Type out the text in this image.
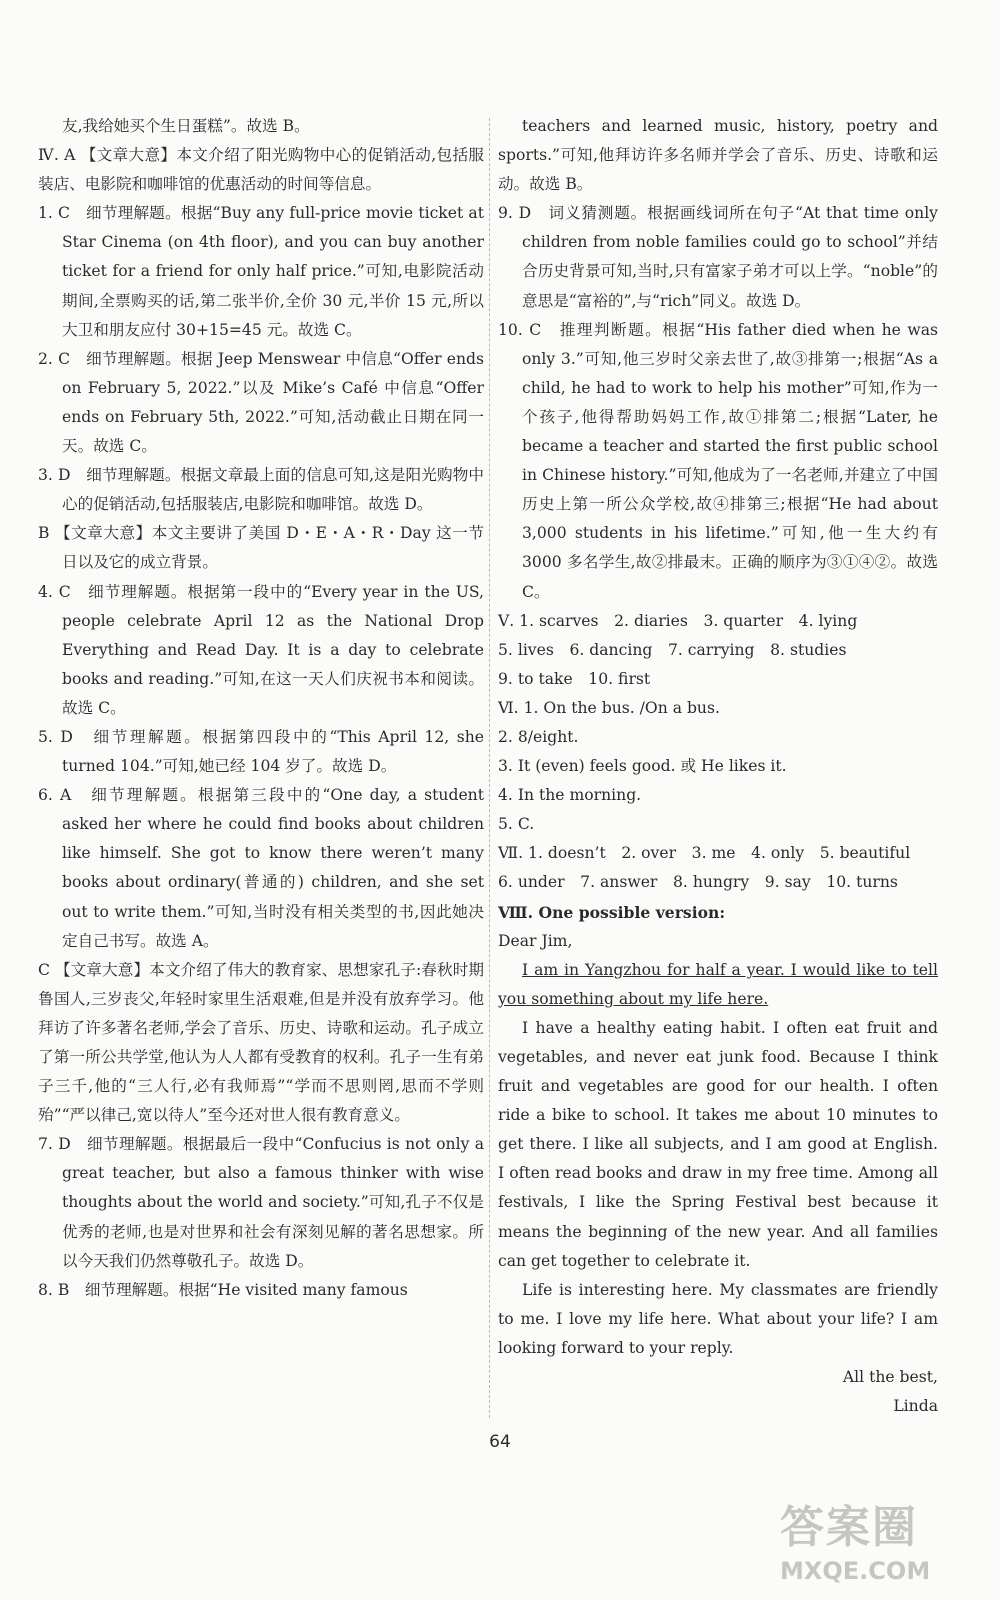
友,我给她买个生日蛋糕”。故选 B。
Ⅳ. A 【文章大意】本文介绍了阳光购物中心的促销活动,包括服装店、电影院和咖啡馆的优惠活动的时间等信息。
1. C　细节理解题。根据“Buy any full-price movie ticket at Star Cinema (on 4th floor), and you can buy another ticket for a friend for only half price.”可知,电影院活动期间,全票购买的话,第二张半价,全价 30 元,半价 15 元,所以大卫和朋友应付 30+15=45 元。故选 C。
2. C　细节理解题。根据 Jeep Menswear 中信息“Offer ends on February 5, 2022.”以及 Mike’s Café 中信息“Offer ends on February 5th, 2022.”可知,活动截止日期在同一天。故选 C。
3. D　细节理解题。根据文章最上面的信息可知,这是阳光购物中心的促销活动,包括服装店,电影院和咖啡馆。故选 D。
B 【文章大意】本文主要讲了美国 D・E・A・R・Day 这一节日以及它的成立背景。
4. C　细节理解题。根据第一段中的“Every year in the US, people celebrate April 12 as the National Drop Everything and Read Day. It is a day to celebrate books and reading.”可知,在这一天人们庆祝书本和阅读。故选 C。
5. D　细节理解题。根据第四段中的“This April 12, she turned 104.”可知,她已经 104 岁了。故选 D。
6. A　细节理解题。根据第三段中的“One day, a student asked her where he could find books about children like himself. She got to know there weren’t many books about ordinary(普通的) children, and she set out to write them.”可知,当时没有相关类型的书,因此她决定自己书写。故选 A。
C 【文章大意】本文介绍了伟大的教育家、思想家孔子:春秋时期鲁国人,三岁丧父,年轻时家里生活艰难,但是并没有放弃学习。他拜访了许多著名老师,学会了音乐、历史、诗歌和运动。孔子成立了第一所公共学堂,他认为人人都有受教育的权利。孔子一生有弟子三千,他的“三人行,必有我师焉”“学而不思则罔,思而不学则殆”“严以律己,宽以待人”至今还对世人很有教育意义。
7. D　细节理解题。根据最后一段中“Confucius is not only a great teacher, but also a famous thinker with wise thoughts about the world and society.”可知,孔子不仅是优秀的老师,也是对世界和社会有深刻见解的著名思想家。所以今天我们仍然尊敬孔子。故选 D。
8. B　细节理解题。根据“He visited many famous
teachers and learned music, history, poetry and sports.”可知,他拜访许多名师并学会了音乐、历史、诗歌和运动。故选 B。
9. D　词义猜测题。根据画线词所在句子“At that time only children from noble families could go to school”并结合历史背景可知,当时,只有富家子弟才可以上学。“noble”的意思是“富裕的”,与“rich”同义。故选 D。
10. C　推理判断题。根据“His father died when he was only 3.”可知,他三岁时父亲去世了,故③排第一;根据“As a child, he had to work to help his mother”可知,作为一个孩子,他得帮助妈妈工作,故①排第二;根据“Later, he became a teacher and started the first public school in Chinese history.”可知,他成为了一名老师,并建立了中国历史上第一所公众学校,故④排第三;根据“He had about 3,000 students in his lifetime.”可知,他一生大约有 3000 多名学生,故②排最末。正确的顺序为③①④②。故选 C。
Ⅴ. 1. scarves　2. diaries　3. quarter　4. lying
5. lives　6. dancing　7. carrying　8. studies
9. to take　10. first
Ⅵ. 1. On the bus. /On a bus.
2. 8/eight.
3. It (even) feels good. 或 He likes it.
4. In the morning.
5. C.
Ⅶ. 1. doesn’t　2. over　3. me　4. only　5. beautiful
6. under　7. answer　8. hungry　9. say　10. turns
Ⅷ. One possible version:
Dear Jim,
I am in Yangzhou for half a year. I would like to tell you something about my life here.
I have a healthy eating habit. I often eat fruit and vegetables, and never eat junk food. Because I think fruit and vegetables are good for our health. I often ride a bike to school. It takes me about 10 minutes to get there. I like all subjects, and I am good at English. I often read books and draw in my free time. Among all festivals, I like the Spring Festival best because it means the beginning of the new year. And all families can get together to celebrate it.
Life is interesting here. My classmates are friendly to me. I love my life here. What about your life? I am looking forward to your reply.
All the best,
Linda
64
答案圈
MXQE.COM
